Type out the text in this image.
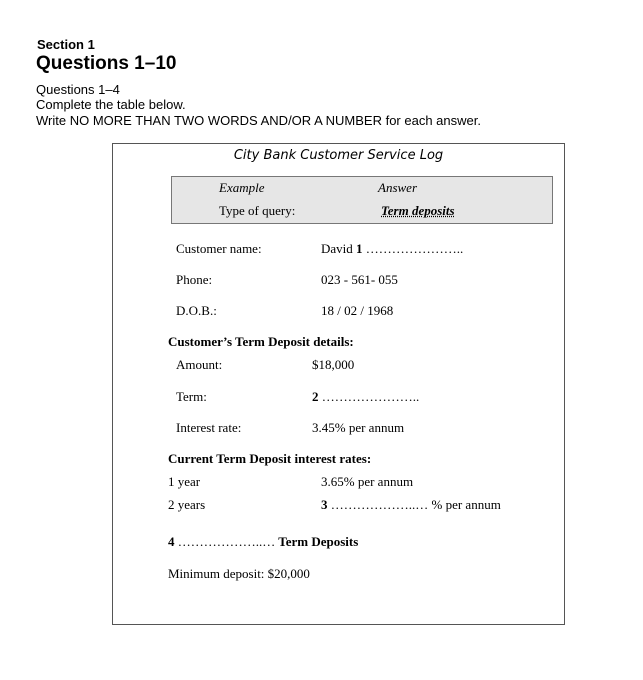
Section 1
Questions 1–10
Questions 1–4
Complete the table below.
Write NO MORE THAN TWO WORDS AND/OR A NUMBER for each answer.
City Bank Customer Service Log
Example	Answer
Type of query:	Term deposits
Customer name:	David 1 …………………..
Phone:	023 - 561- 055
D.O.B.:	18 / 02 / 1968
Customer’s Term Deposit details:
Amount:	$18,000
Term:	2 …………………..
Interest rate:	3.45% per annum
Current Term Deposit interest rates:
1 year	3.65% per annum
2 years	3 ………………..… % per annum
4 ………………..… Term Deposits
Minimum deposit: $20,000
